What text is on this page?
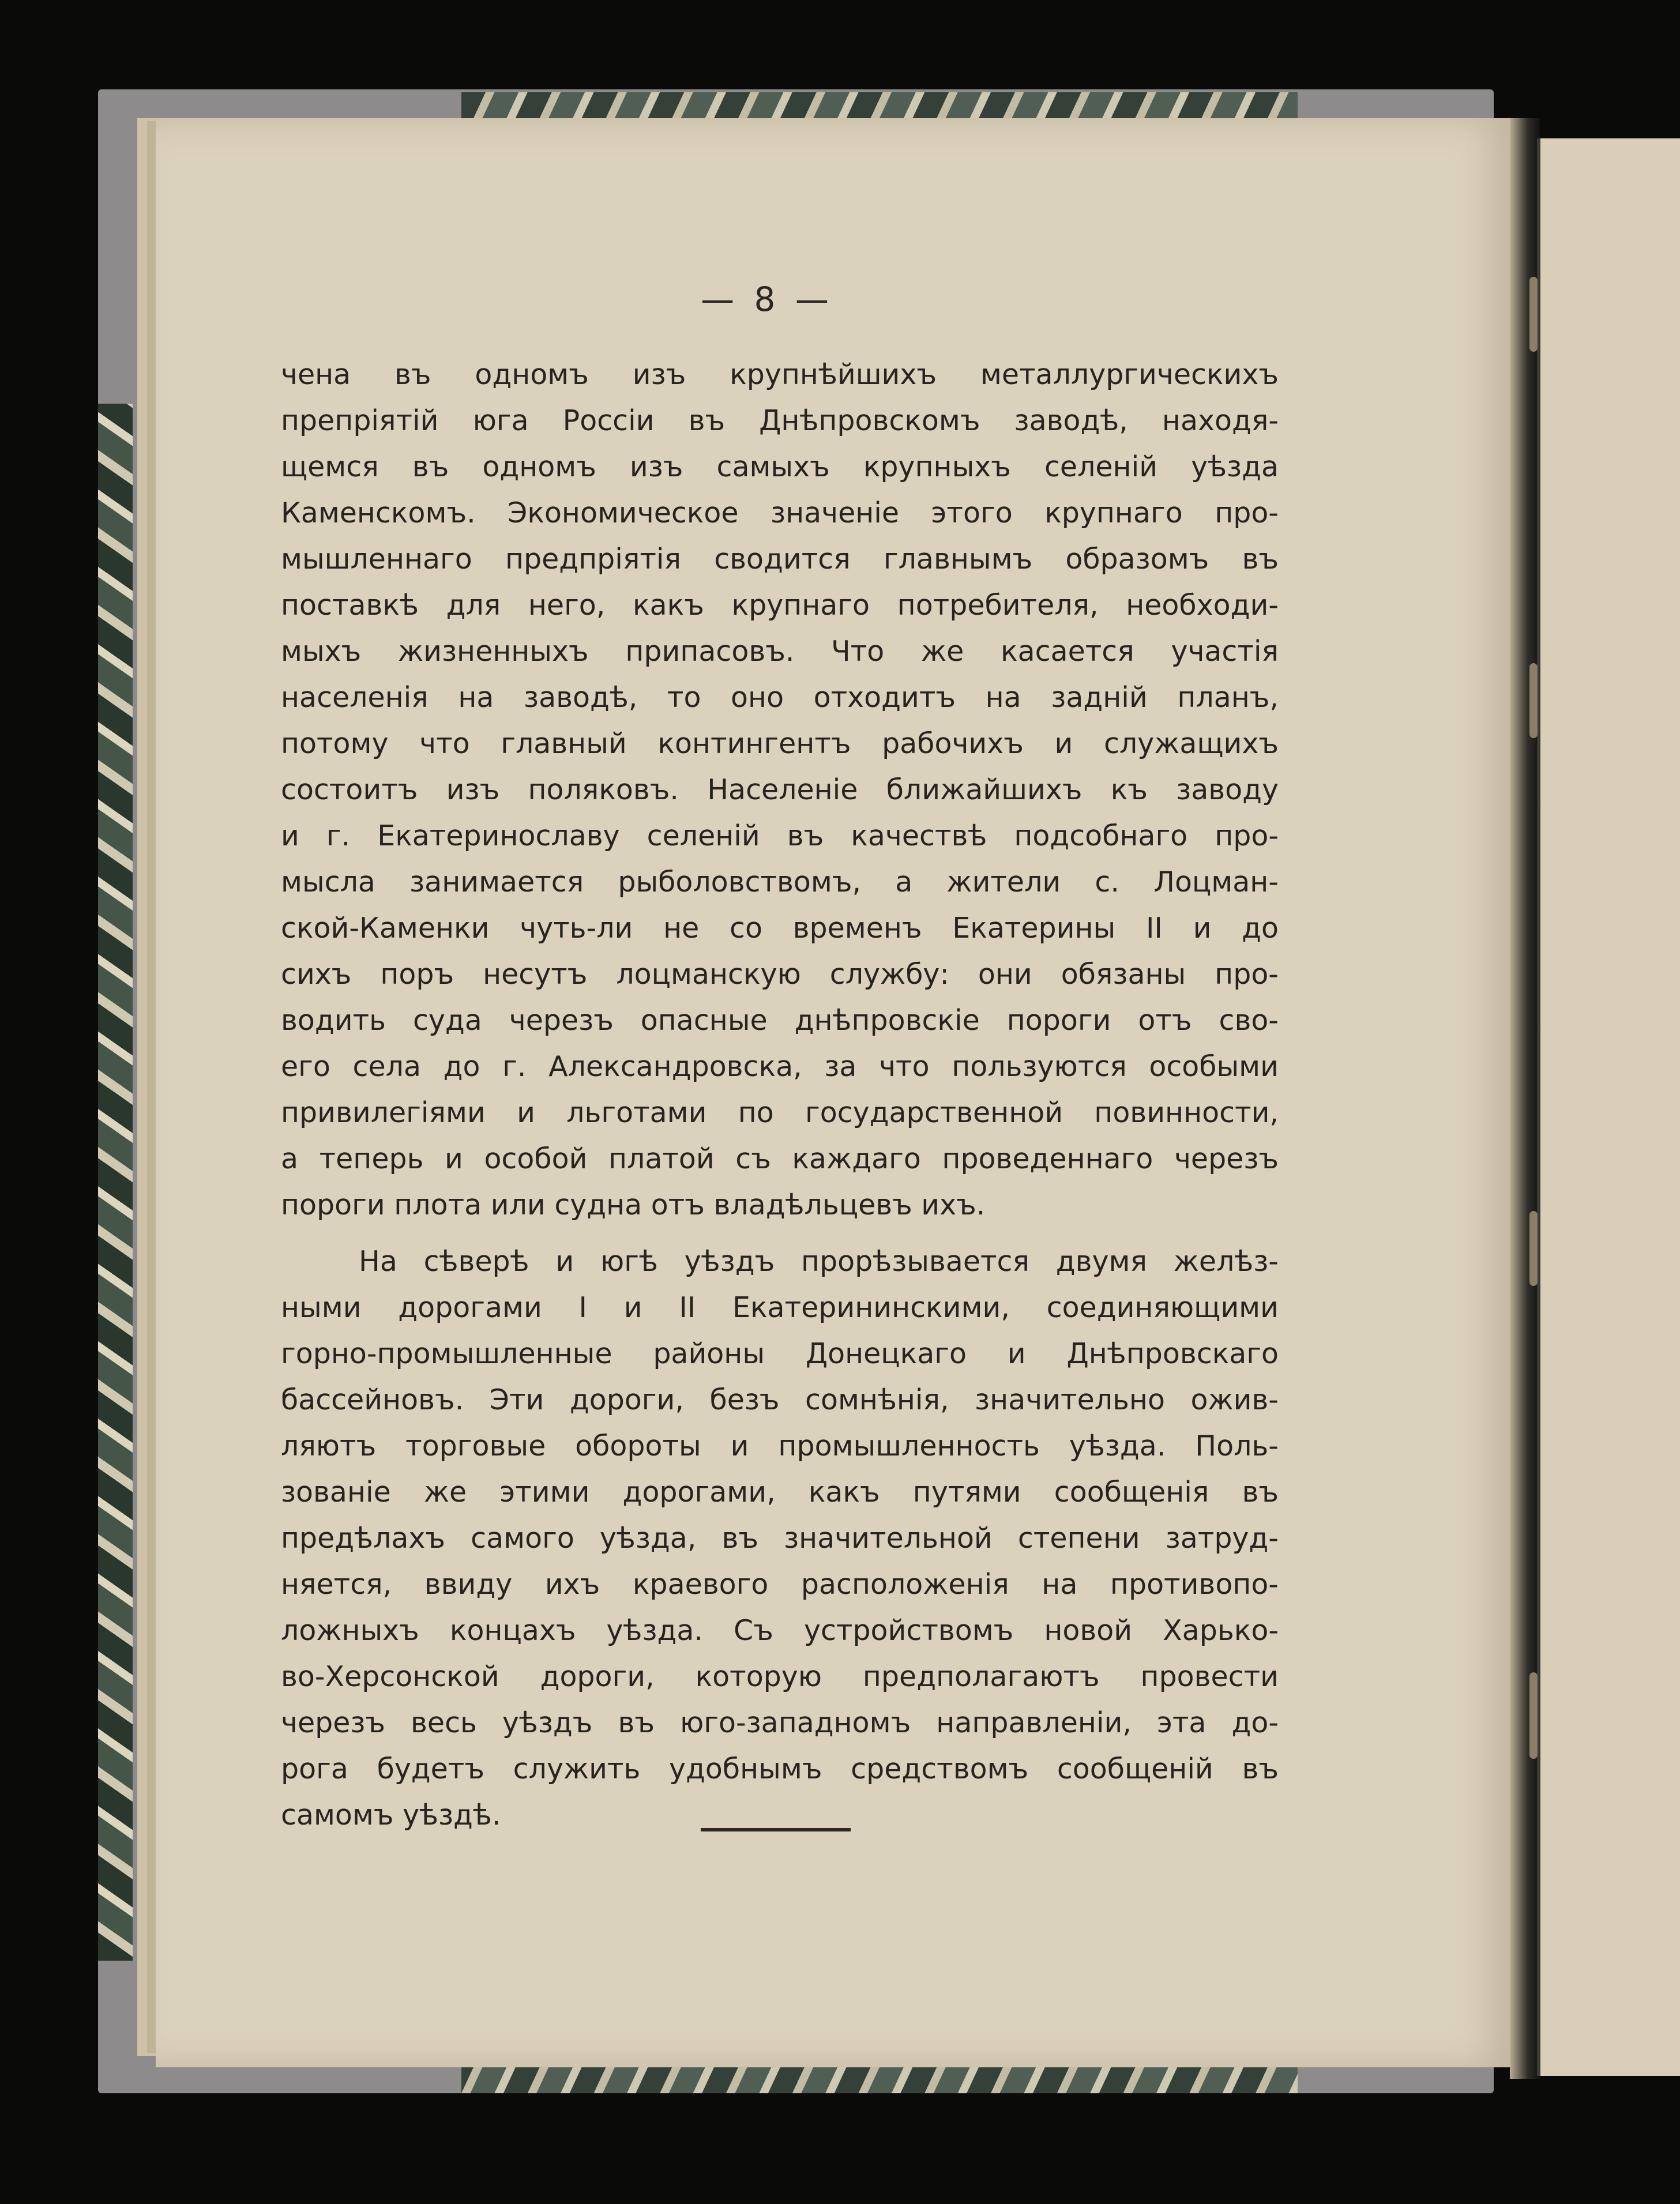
— 8 —
чена въ одномъ изъ крупнѣйшихъ металлургическихъ
препріятій юга Россіи въ Днѣпровскомъ заводѣ, находя-
щемся въ одномъ изъ самыхъ крупныхъ селеній уѣзда
Каменскомъ. Экономическое значеніе этого крупнаго про-
мышленнаго предпріятія сводится главнымъ образомъ въ
поставкѣ для него, какъ крупнаго потребителя, необходи-
мыхъ жизненныхъ припасовъ. Что же касается участія
населенія на заводѣ, то оно отходитъ на заднiй планъ,
потому что главный контингентъ рабочихъ и служащихъ
состоитъ изъ поляковъ. Населеніе ближайшихъ къ заводу
и г. Екатеринославу селеній въ качествѣ подсобнаго про-
мысла занимается рыболовствомъ, а жители с. Лоцман-
ской-Каменки чуть-ли не со временъ Екатерины II и до
сихъ поръ несутъ лоцманскую службу: они обязаны про-
водить суда черезъ опасные днѣпровскіе пороги отъ сво-
его села до г. Александровска, за что пользуются особыми
привилегіями и льготами по государственной повинности,
а теперь и особой платой съ каждаго проведеннаго черезъ
пороги плота или судна отъ владѣльцевъ ихъ.
На сѣверѣ и югѣ уѣздъ прорѣзывается двумя желѣз-
ными дорогами I и II Екатерининскими, соединяющими
горно-промышленные районы Донецкаго и Днѣпровскаго
бассейновъ. Эти дороги, безъ сомнѣнія, значительно ожив-
ляютъ торговые обороты и промышленность уѣзда. Поль-
зованіе же этими дорогами, какъ путями сообщенія въ
предѣлахъ самого уѣзда, въ значительной степени затруд-
няется, ввиду ихъ краевого расположенія на противопо-
ложныхъ концахъ уѣзда. Съ устройствомъ новой Харько-
во-Херсонской дороги, которую предполагаютъ провести
черезъ весь уѣздъ въ юго-западномъ направленіи, эта до-
рога будетъ служить удобнымъ средствомъ сообщеній въ
самомъ уѣздѣ.
